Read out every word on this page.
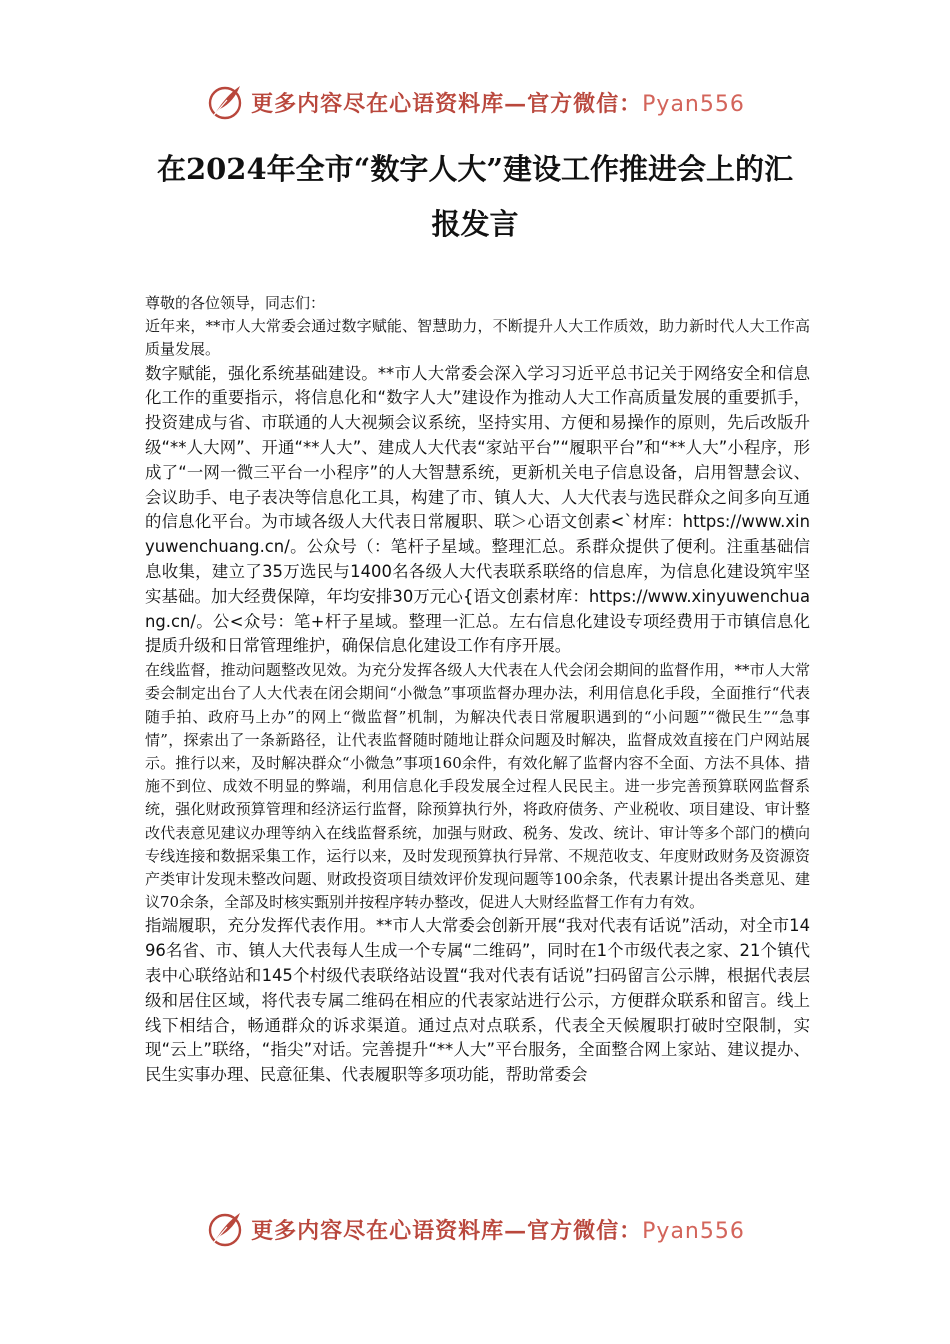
更多内容尽在心语资料库—官方微信：Pyan556
在2024年全市“数字人大”建设工作推进会上的汇
报发言

尊敬的各位领导，同志们：

近年来，**市人大常委会通过数字赋能、智慧助力，不断提升人大工作质效，助力新时代人大工作高质量发展。

数字赋能，强化系统基础建设。**市人大常委会深入学习习近平总书记关于网络安全和信息化工作的重要指示，将信息化和“数字人大”建设作为推动人大工作高质量发展的重要抓手，投资建成与省、市联通的人大视频会议系统，坚持实用、方便和易操作的原则，先后改版升级“**人大网”、开通“**人大”、建成人大代表“家站平台”“履职平台”和“**人大”小程序，形成了“一网一微三平台一小程序”的人大智慧系统，更新机关电子信息设备，启用智慧会议、会议助手、电子表决等信息化工具，构建了市、镇人大、人大代表与选民群众之间多向互通的信息化平台。为市域各级人大代表日常履职、联＞心语文创素<`材库：https://www.xinyuwenchuang.cn/。公众号（：笔杆子星域。整理汇总。系群众提供了便利。注重基础信息收集，建立了35万选民与1400名各级人大代表联系联络的信息库，为信息化建设筑牢坚实基础。加大经费保障，年均安排30万元心{语文创素材库：https://www.xinyuwenchuang.cn/。公<众号：笔+杆子星域。整理一汇总。左右信息化建设专项经费用于市镇信息化提质升级和日常管理维护，确保信息化建设工作有序开展。

在线监督，推动问题整改见效。为充分发挥各级人大代表在人代会闭会期间的监督作用，**市人大常委会制定出台了人大代表在闭会期间“小微急”事项监督办理办法，利用信息化手段，全面推行“代表随手拍、政府马上办”的网上“微监督”机制，为解决代表日常履职遇到的“小问题”“微民生”“急事情”，探索出了一条新路径，让代表监督随时随地让群众问题及时解决，监督成效直接在门户网站展示。推行以来，及时解决群众“小微急”事项160余件，有效化解了监督内容不全面、方法不具体、措施不到位、成效不明显的弊端，利用信息化手段发展全过程人民民主。进一步完善预算联网监督系统，强化财政预算管理和经济运行监督，除预算执行外，将政府债务、产业税收、项目建设、审计整改代表意见建议办理等纳入在线监督系统，加强与财政、税务、发改、统计、审计等多个部门的横向专线连接和数据采集工作，运行以来，及时发现预算执行异常、不规范收支、年度财政财务及资源资产类审计发现未整改问题、财政投资项目绩效评价发现问题等100余条，代表累计提出各类意见、建议70余条，全部及时核实甄别并按程序转办整改，促进人大财经监督工作有力有效。

指端履职，充分发挥代表作用。**市人大常委会创新开展“我对代表有话说”活动，对全市1496名省、市、镇人大代表每人生成一个专属“二维码”，同时在1个市级代表之家、21个镇代表中心联络站和145个村级代表联络站设置“我对代表有话说”扫码留言公示牌，根据代表层级和居住区域，将代表专属二维码在相应的代表家站进行公示，方便群众联系和留言。线上线下相结合，畅通群众的诉求渠道。通过点对点联系，代表全天候履职打破时空限制，实现“云上”联络，“指尖”对话。完善提升“**人大”平台服务，全面整合网上家站、建议提办、民生实事办理、民意征集、代表履职等多项功能，帮助常委会

更多内容尽在心语资料库—官方微信：Pyan556
